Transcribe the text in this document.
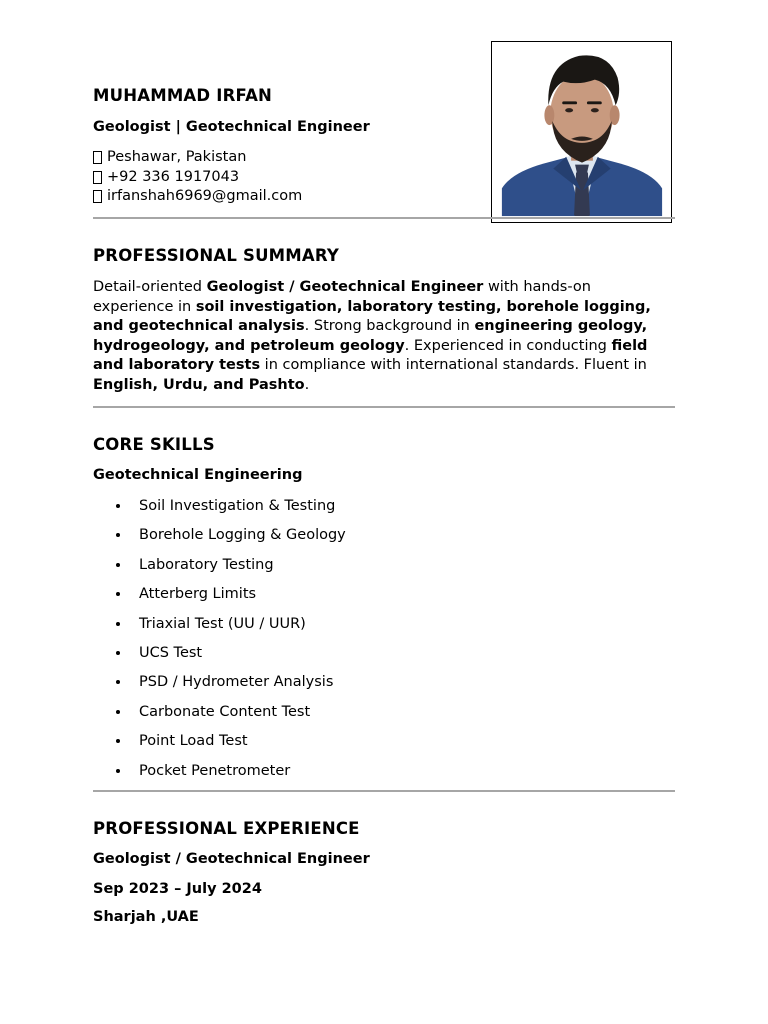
MUHAMMAD IRFAN
Geologist | Geotechnical Engineer
Peshawar, Pakistan
+92 336 1917043
irfanshah6969@gmail.com
PROFESSIONAL SUMMARY

Detail-oriented Geologist / Geotechnical Engineer with hands-on experience in soil investigation, laboratory testing, borehole logging, and geotechnical analysis. Strong background in engineering geology, hydrogeology, and petroleum geology. Experienced in conducting field and laboratory tests in compliance with international standards. Fluent in English, Urdu, and Pashto.

CORE SKILLS
Geotechnical Engineering
Soil Investigation & Testing
Borehole Logging & Geology
Laboratory Testing
Atterberg Limits
Triaxial Test (UU / UUR)
UCS Test
PSD / Hydrometer Analysis
Carbonate Content Test
Point Load Test
Pocket Penetrometer
PROFESSIONAL EXPERIENCE
Geologist / Geotechnical Engineer
Sep 2023 – July 2024
Sharjah ,UAE
